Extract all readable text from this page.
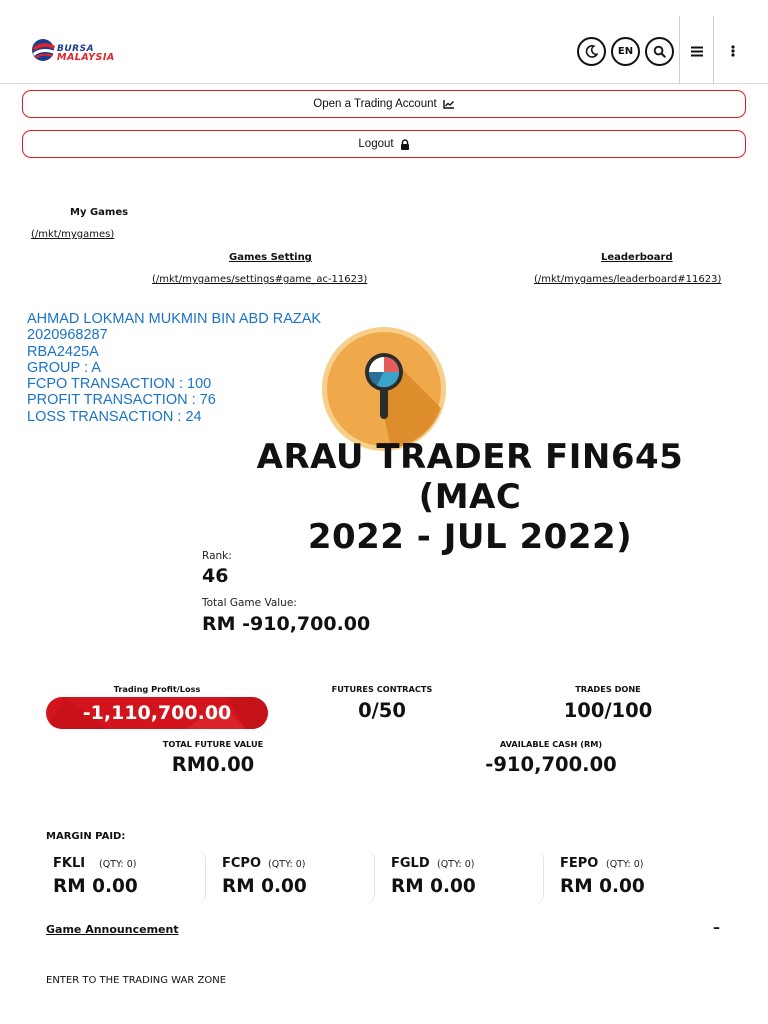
BURSA
MALAYSIA
EN
Open a Trading Account
Logout
My Games
(/mkt/mygames)
Games Setting
(/mkt/mygames/settings#game_ac-11623)
Leaderboard
(/mkt/mygames/leaderboard#11623)
AHMAD LOKMAN MUKMIN BIN ABD RAZAK
2020968287
RBA2425A
GROUP : A
FCPO TRANSACTION : 100
PROFIT TRANSACTION : 76
LOSS TRANSACTION : 24
ARAU TRADER FIN645 (MAC
2022 - JUL 2022)
Rank:
46
Total Game Value:
RM -910,700.00
Trading Profit/Loss
-1,110,700.00
FUTURES CONTRACTS
0/50
TRADES DONE
100/100
TOTAL FUTURE VALUE
RM0.00
AVAILABLE CASH (RM)
-910,700.00
MARGIN PAID:
FKLI (QTY: 0)
RM 0.00
FCPO (QTY: 0)
RM 0.00
FGLD (QTY: 0)
RM 0.00
FEPO (QTY: 0)
RM 0.00
Game Announcement	–
ENTER TO THE TRADING WAR ZONE
